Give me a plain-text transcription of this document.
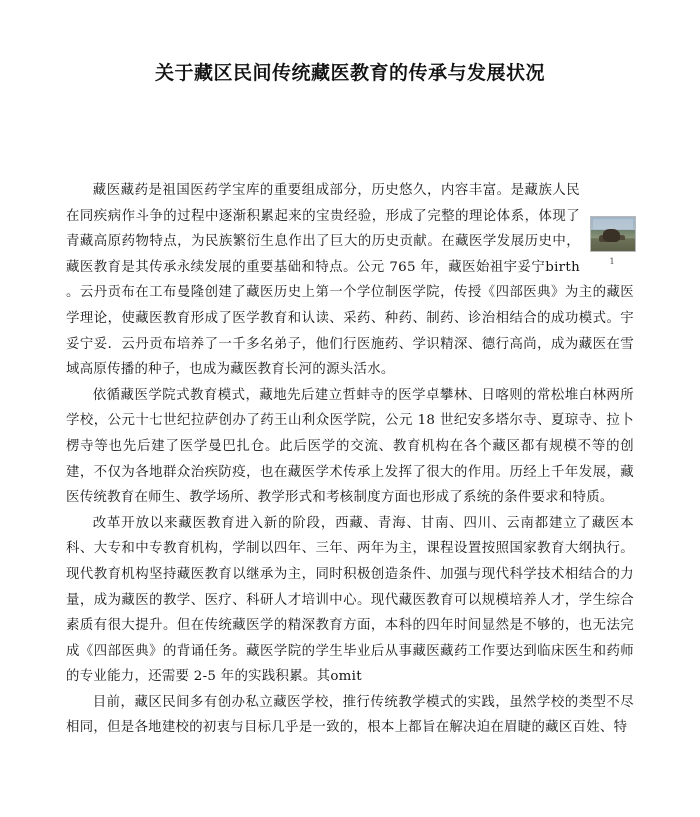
关于藏区民间传统藏医教育的传承与发展状况
1

藏医藏药是祖国医药学宝库的重要组成部分，历史悠久，内容丰富。是藏族人民在同疾病作斗争的过程中逐渐积累起来的宝贵经验，形成了完整的理论体系，体现了青藏高原药物特点，为民族繁衍生息作出了巨大的历史贡献。在藏医学发展历史中，藏医教育是其传承永续发展的重要基础和特点。公元 765 年，藏医始祖宇妥宁birth 。云丹贡布在工布曼隆创建了藏医历史上第一个学位制医学院，传授《四部医典》为主的藏医学理论，使藏医教育形成了医学教育和认读、采药、种药、制药、诊治相结合的成功模式。宇妥宁妥．云丹贡布培养了一千多名弟子，他们行医施药、学识精深、德行高尚，成为藏医在雪域高原传播的种子，也成为藏医教育长河的源头活水。

依循藏医学院式教育模式，藏地先后建立哲蚌寺的医学卓攀林、日喀则的常松堆白林两所学校，公元十七世纪拉萨创办了药王山利众医学院，公元 18 世纪安多塔尔寺、夏琼寺、拉卜楞寺等也先后建了医学曼巴扎仓。此后医学的交流、教育机构在各个藏区都有规模不等的创建，不仅为各地群众治疾防疫，也在藏医学术传承上发挥了很大的作用。历经上千年发展，藏医传统教育在师生、教学场所、教学形式和考核制度方面也形成了系统的条件要求和特质。

改革开放以来藏医教育进入新的阶段，西藏、青海、甘南、四川、云南都建立了藏医本科、大专和中专教育机构，学制以四年、三年、两年为主，课程设置按照国家教育大纲执行。现代教育机构坚持藏医教育以继承为主，同时积极创造条件、加强与现代科学技术相结合的力量，成为藏医的教学、医疗、科研人才培训中心。现代藏医教育可以规模培养人才，学生综合素质有很大提升。但在传统藏医学的精深教育方面，本科的四年时间显然是不够的，也无法完成《四部医典》的背诵任务。藏医学院的学生毕业后从事藏医藏药工作要达到临床医生和药师的专业能力，还需要 2-5 年的实践积累。其omit

目前，藏区民间多有创办私立藏医学校，推行传统教学模式的实践，虽然学校的类型不尽相同，但是各地建校的初衷与目标几乎是一致的，根本上都旨在解决迫在眉睫的藏区百姓、特
